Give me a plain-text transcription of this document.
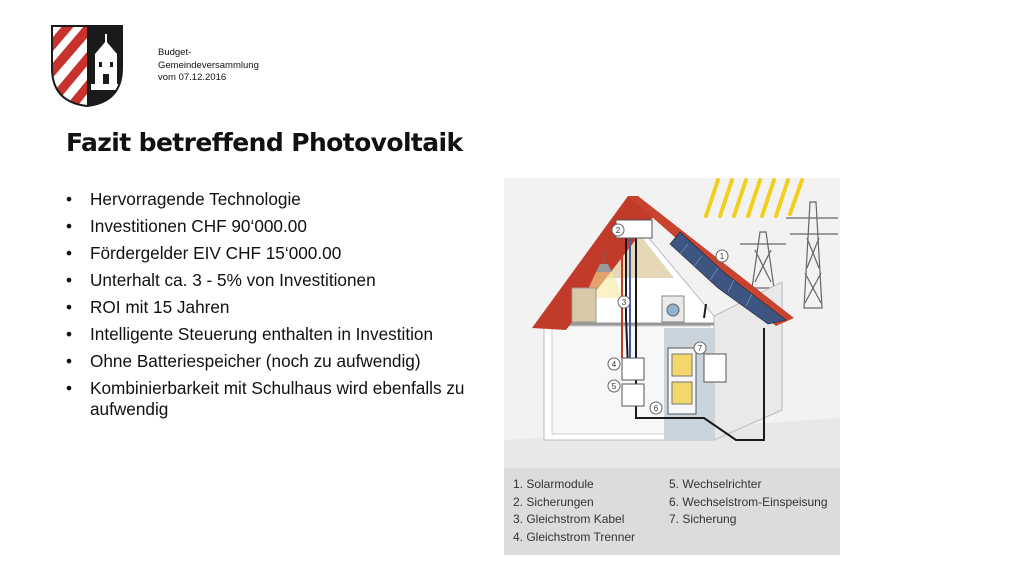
Budget-
Gemeindeversammlung
vom 07.12.2016
Fazit betreffend Photovoltaik
• Hervorragende Technologie
• Investitionen CHF 90‘000.00
• Fördergelder EIV CHF 15‘000.00
• Unterhalt ca. 3 - 5% von Investitionen
• ROI mit 15 Jahren
• Intelligente Steuerung enthalten in Investition
• Ohne Batteriespeicher (noch zu aufwendig)
• Kombinierbarkeit mit Schulhaus wird ebenfalls zu aufwendig
1
2
3
4
5
6
7
1. Solarmodule
2. Sicherungen
3. Gleichstrom Kabel
4. Gleichstrom Trenner
5. Wechselrichter
6. Wechselstrom-Einspeisung
7. Sicherung
